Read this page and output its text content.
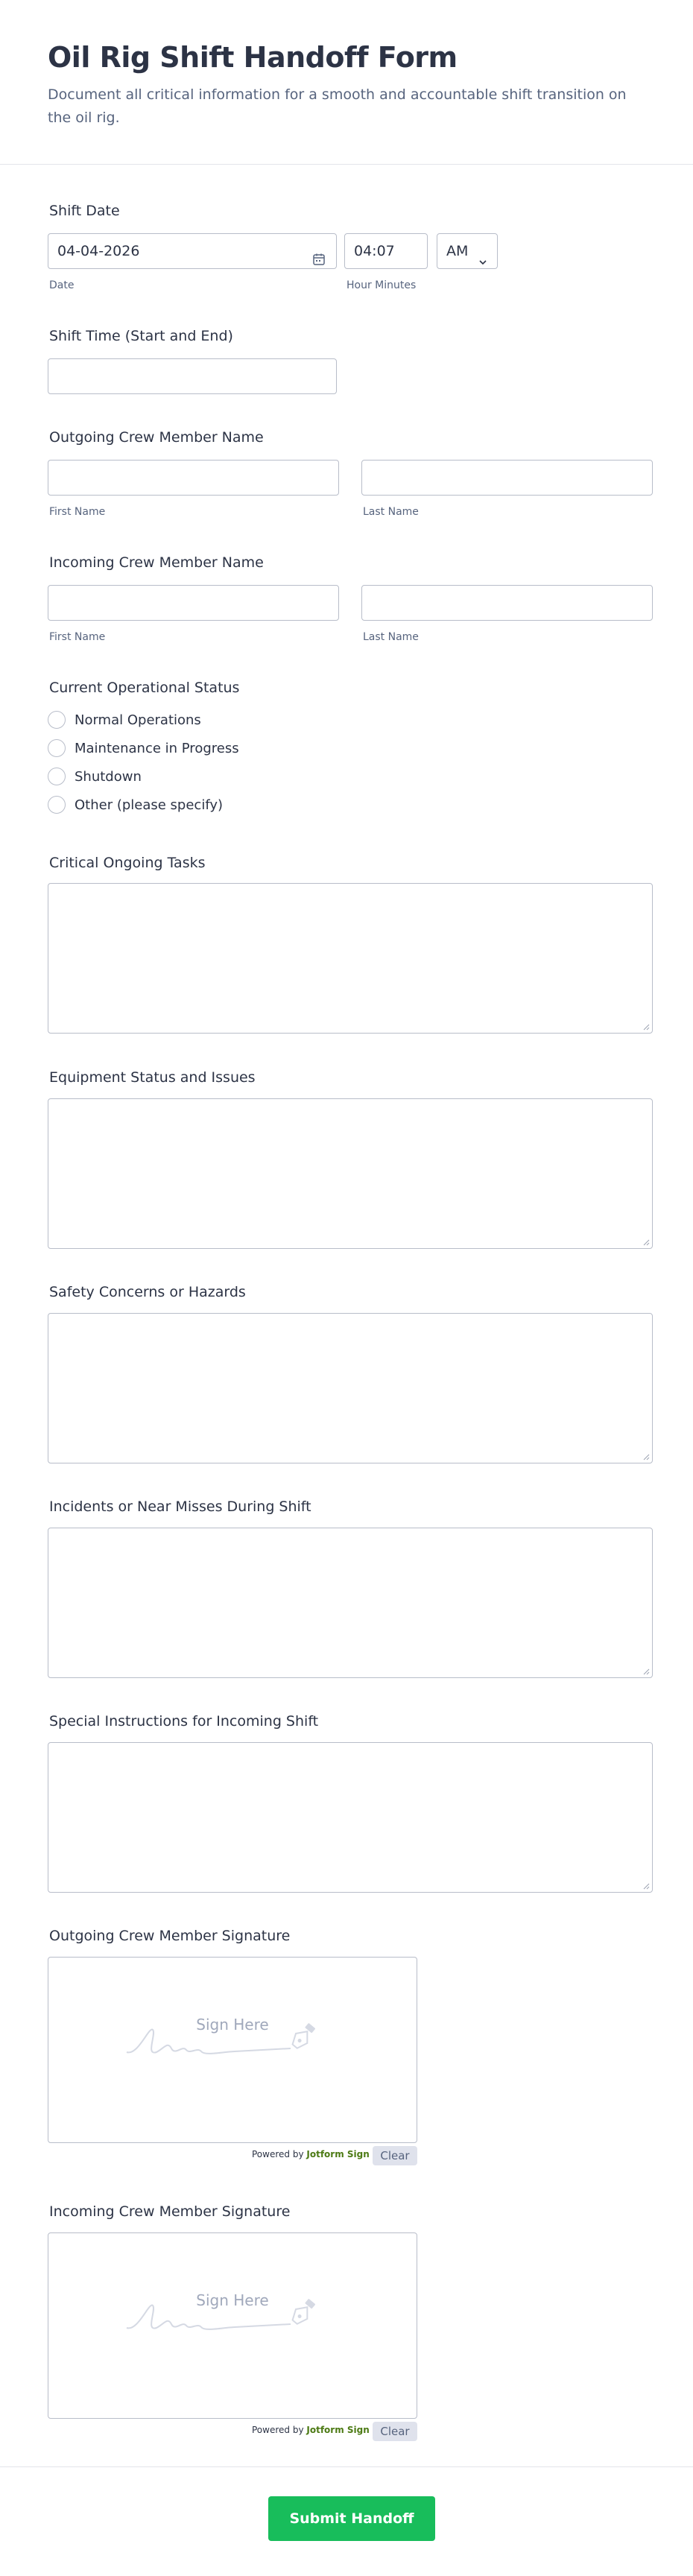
Oil Rig Shift Handoff Form
Document all critical information for a smooth and accountable shift transition on the oil rig.
Shift Date
04-04-2026
Date
04:07
Hour Minutes
AM
Shift Time (Start and End)
Outgoing Crew Member Name
First Name	Last Name
Incoming Crew Member Name
First Name	Last Name
Current Operational Status
Normal Operations
Maintenance in Progress
Shutdown
Other (please specify)
Critical Ongoing Tasks
Equipment Status and Issues
Safety Concerns or Hazards
Incidents or Near Misses During Shift
Special Instructions for Incoming Shift
Outgoing Crew Member Signature
Sign Here
Powered by Jotform Sign Clear
Incoming Crew Member Signature
Sign Here
Powered by Jotform Sign Clear
Submit Handoff
